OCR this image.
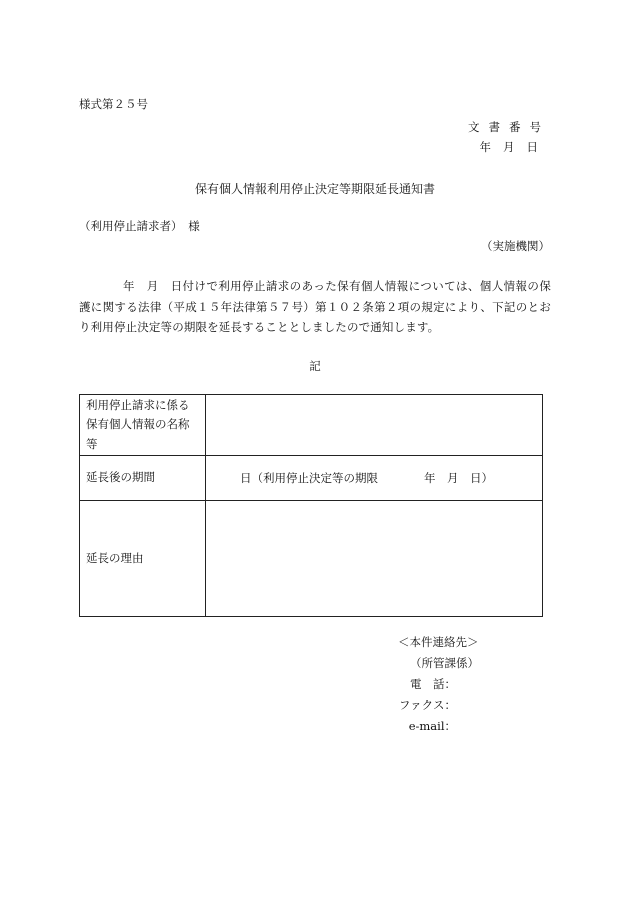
様式第２５号
文書番号
年月日
保有個人情報利用停止決定等期限延長通知書
（利用停止請求者）　様
（実施機関）
年　月　日付けで利用停止請求のあった保有個人情報については、個人情報の保護に関する法律（平成１５年法律第５７号）第１０２条第２項の規定により、下記のとおり利用停止決定等の期限を延長することとしましたので通知します。
記
利用停止請求に係る保有個人情報の名称等	
延長後の期間	日（利用停止決定等の期限　　　　年　月　日）
延長の理由	
＜本件連絡先＞
（所管課係）
電　話：
ファクス：
e-mail：
